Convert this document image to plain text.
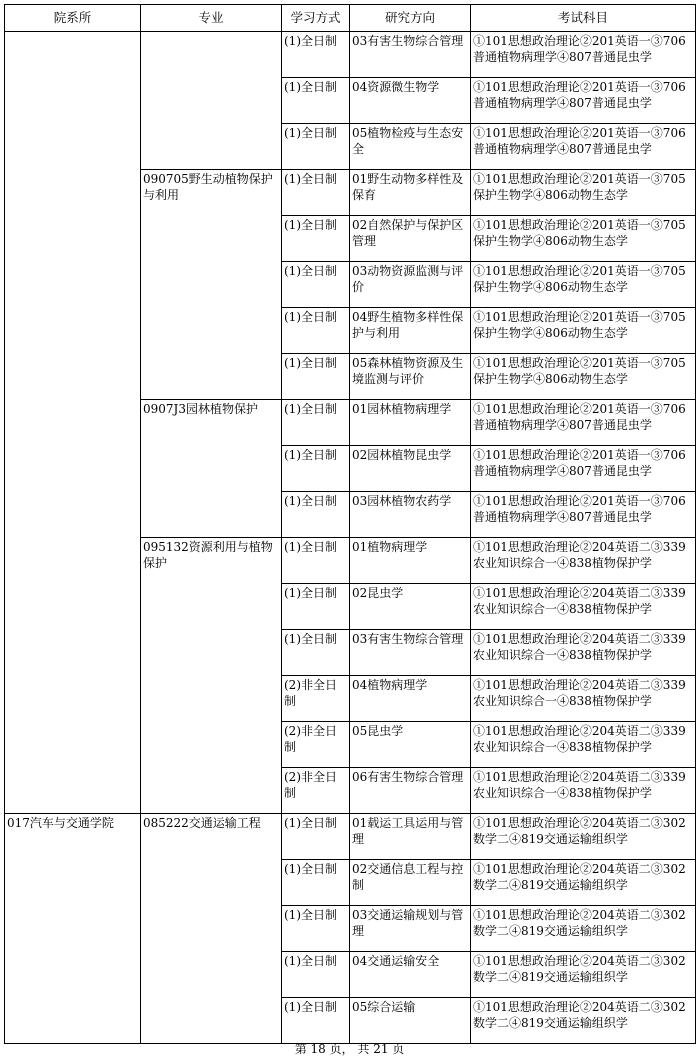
院系所	专业	学习方式	研究方向	考试科目
		(1)全日制	03有害生物综合管理	①101思想政治理论②201英语一③706普通植物病理学④807普通昆虫学
		(1)全日制	04资源微生物学	①101思想政治理论②201英语一③706普通植物病理学④807普通昆虫学
		(1)全日制	05植物检疫与生态安全	①101思想政治理论②201英语一③706普通植物病理学④807普通昆虫学
	090705野生动植物保护与利用	(1)全日制	01野生动物多样性及保育	①101思想政治理论②201英语一③705保护生物学④806动物生态学
		(1)全日制	02自然保护与保护区管理	①101思想政治理论②201英语一③705保护生物学④806动物生态学
		(1)全日制	03动物资源监测与评价	①101思想政治理论②201英语一③705保护生物学④806动物生态学
		(1)全日制	04野生植物多样性保护与利用	①101思想政治理论②201英语一③705保护生物学④806动物生态学
		(1)全日制	05森林植物资源及生境监测与评价	①101思想政治理论②201英语一③705保护生物学④806动物生态学
	0907J3园林植物保护	(1)全日制	01园林植物病理学	①101思想政治理论②201英语一③706普通植物病理学④807普通昆虫学
		(1)全日制	02园林植物昆虫学	①101思想政治理论②201英语一③706普通植物病理学④807普通昆虫学
		(1)全日制	03园林植物农药学	①101思想政治理论②201英语一③706普通植物病理学④807普通昆虫学
	095132资源利用与植物保护	(1)全日制	01植物病理学	①101思想政治理论②204英语二③339农业知识综合一④838植物保护学
		(1)全日制	02昆虫学	①101思想政治理论②204英语二③339农业知识综合一④838植物保护学
		(1)全日制	03有害生物综合管理	①101思想政治理论②204英语二③339农业知识综合一④838植物保护学
		(2)非全日制	04植物病理学	①101思想政治理论②204英语二③339农业知识综合一④838植物保护学
		(2)非全日制	05昆虫学	①101思想政治理论②204英语二③339农业知识综合一④838植物保护学
		(2)非全日制	06有害生物综合管理	①101思想政治理论②204英语二③339农业知识综合一④838植物保护学
017汽车与交通学院	085222交通运输工程	(1)全日制	01载运工具运用与管理	①101思想政治理论②204英语二③302数学二④819交通运输组织学
		(1)全日制	02交通信息工程与控制	①101思想政治理论②204英语二③302数学二④819交通运输组织学
		(1)全日制	03交通运输规划与管理	①101思想政治理论②204英语二③302数学二④819交通运输组织学
		(1)全日制	04交通运输安全	①101思想政治理论②204英语二③302数学二④819交通运输组织学
		(1)全日制	05综合运输	①101思想政治理论②204英语二③302数学二④819交通运输组织学
第 18 页， 共 21 页
